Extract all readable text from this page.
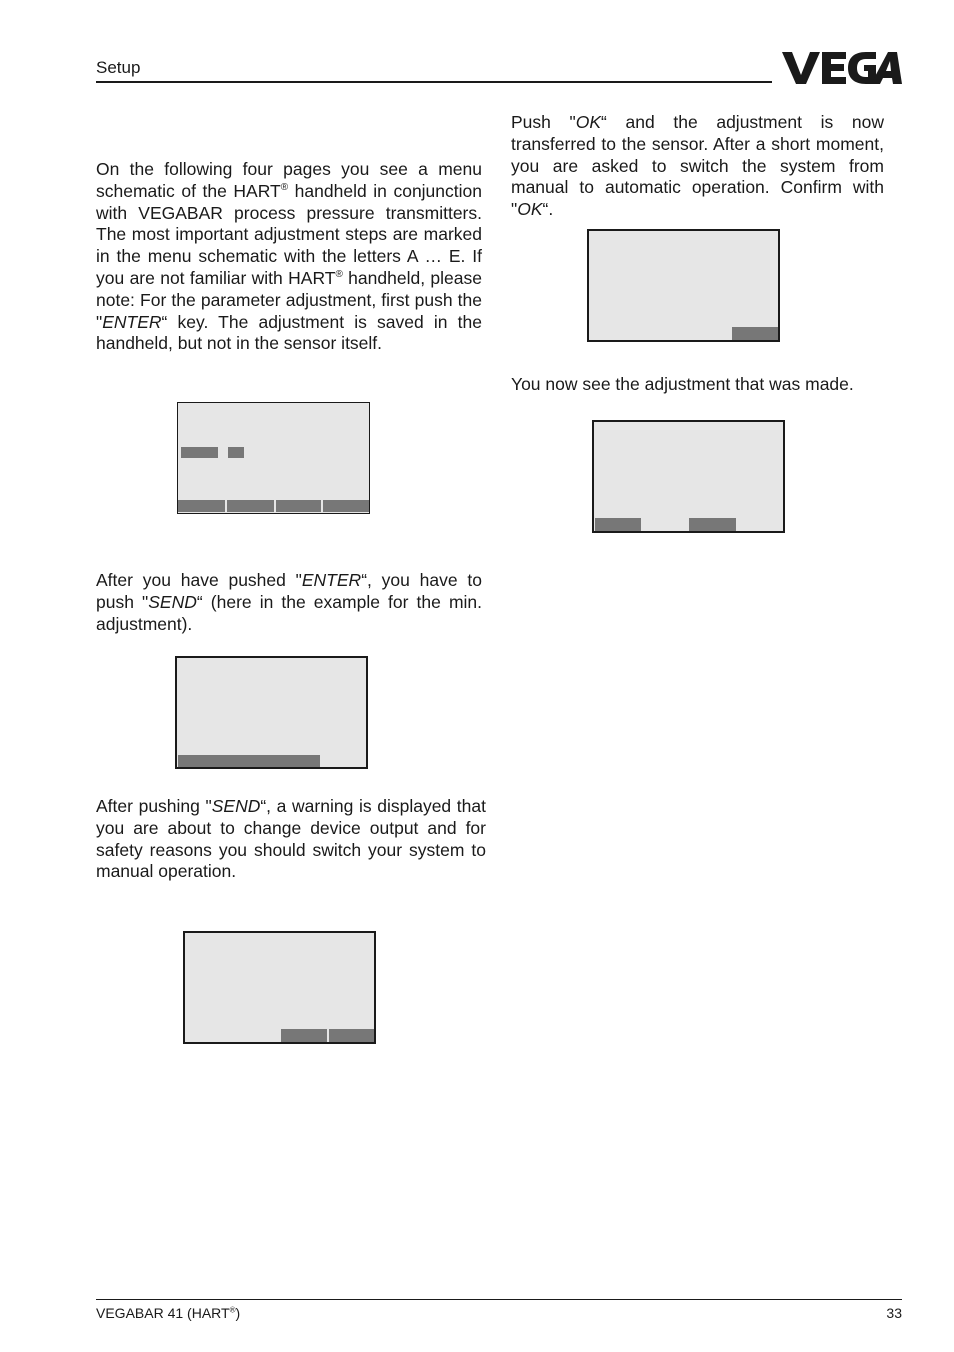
Setup
On the following four pages you see a menu schematic of the HART® handheld in conjunction with VEGABAR process pressure transmitters. The most important adjustment steps are marked in the menu schematic with the letters A … E. If you are not familiar with HART® handheld, please note: For the parameter adjustment, first push the "ENTER“ key. The adjustment is saved in the handheld, but not in the sensor itself.
After you have pushed "ENTER“, you have to push "SEND“ (here in the example for the min. adjustment).
After pushing "SEND“, a warning is displayed that you are about to change device output and for safety reasons you should switch your system to manual operation.
Push "OK“ and the adjustment is now transferred to the sensor. After a short moment, you are asked to switch the system from manual to automatic operation. Confirm with "OK“.
You now see the adjustment that was made.
VEGABAR 41 (HART®)	33
